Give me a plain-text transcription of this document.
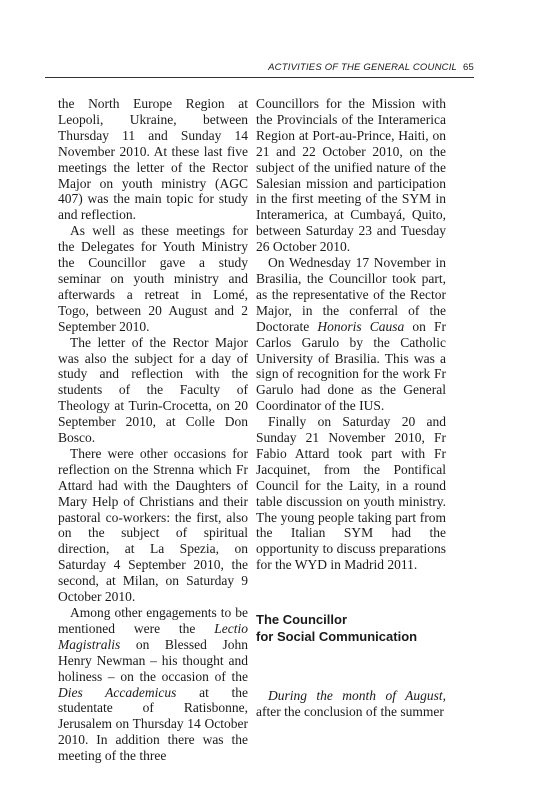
ACTIVITIES OF THE GENERAL COUNCIL 65

the North Europe Region at Leopoli, Ukraine, between Thursday 11 and Sunday 14 November 2010. At these last five meetings the letter of the Rector Major on youth ministry (AGC 407) was the main topic for study and reflection.

As well as these meetings for the Delegates for Youth Ministry the Councillor gave a study seminar on youth ministry and afterwards a retreat in Lomé, Togo, between 20 August and 2 September 2010.

The letter of the Rector Major was also the subject for a day of study and reflection with the students of the Faculty of Theology at Turin-Crocetta, on 20 September 2010, at Colle Don Bosco.

There were other occasions for reflection on the Strenna which Fr Attard had with the Daughters of Mary Help of Christians and their pastoral co-workers: the first, also on the subject of spiritual direction, at La Spezia, on Saturday 4 September 2010, the second, at Milan, on Saturday 9 October 2010.

Among other engagements to be mentioned were the Lectio Magistralis on Blessed John Henry Newman – his thought and holiness – on the occasion of the Dies Accademicus at the studentate of Ratisbonne, Jerusalem on Thursday 14 October 2010. In addition there was the meeting of the three

Councillors for the Mission with the Provincials of the Interamerica Region at Port-au-Prince, Haiti, on 21 and 22 October 2010, on the subject of the unified nature of the Salesian mission and participation in the first meeting of the SYM in Interamerica, at Cumbayá, Quito, between Saturday 23 and Tuesday 26 October 2010.

On Wednesday 17 November in Brasilia, the Councillor took part, as the representative of the Rector Major, in the conferral of the Doctorate Honoris Causa on Fr Carlos Garulo by the Catholic University of Brasilia. This was a sign of recognition for the work Fr Garulo had done as the General Coordinator of the IUS.

Finally on Saturday 20 and Sunday 21 November 2010, Fr Fabio Attard took part with Fr Jacquinet, from the Pontifical Council for the Laity, in a round table discussion on youth ministry. The young people taking part from the Italian SYM had the opportunity to discuss preparations for the WYD in Madrid 2011.

The Councillor
for Social Communication

During the month of August, after the conclusion of the summer
